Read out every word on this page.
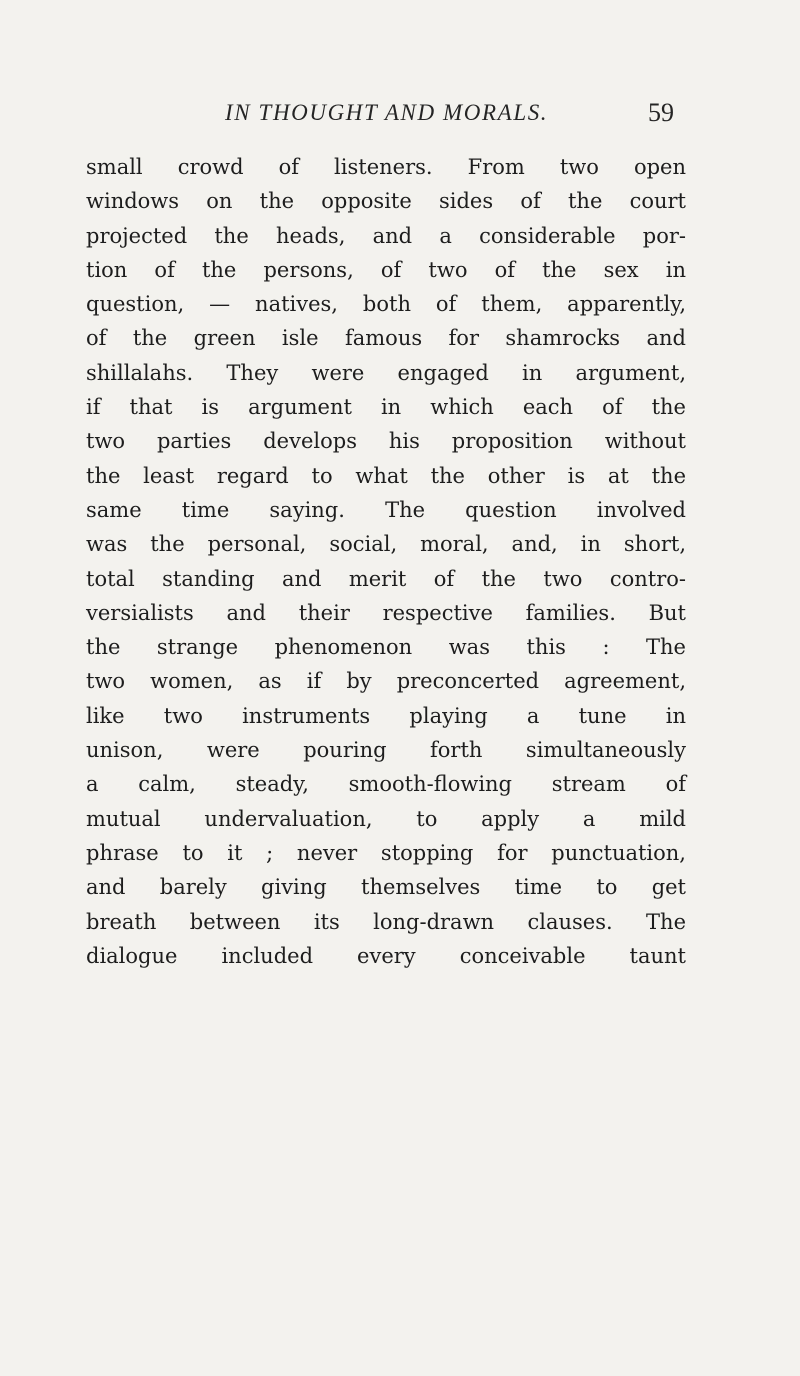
IN THOUGHT AND MORALS.	59
small crowd of listeners. From two open
windows on the opposite sides of the court
projected the heads, and a considerable por-
tion of the persons, of two of the sex in
question, — natives, both of them, apparently,
of the green isle famous for shamrocks and
shillalahs. They were engaged in argument,
if that is argument in which each of the
two parties develops his proposition without
the least regard to what the other is at the
same time saying. The question involved
was the personal, social, moral, and, in short,
total standing and merit of the two contro-
versialists and their respective families. But
the strange phenomenon was this : The
two women, as if by preconcerted agreement,
like two instruments playing a tune in
unison, were pouring forth simultaneously
a calm, steady, smooth-flowing stream of
mutual undervaluation, to apply a mild
phrase to it ; never stopping for punctuation,
and barely giving themselves time to get
breath between its long-drawn clauses. The
dialogue included every conceivable taunt
